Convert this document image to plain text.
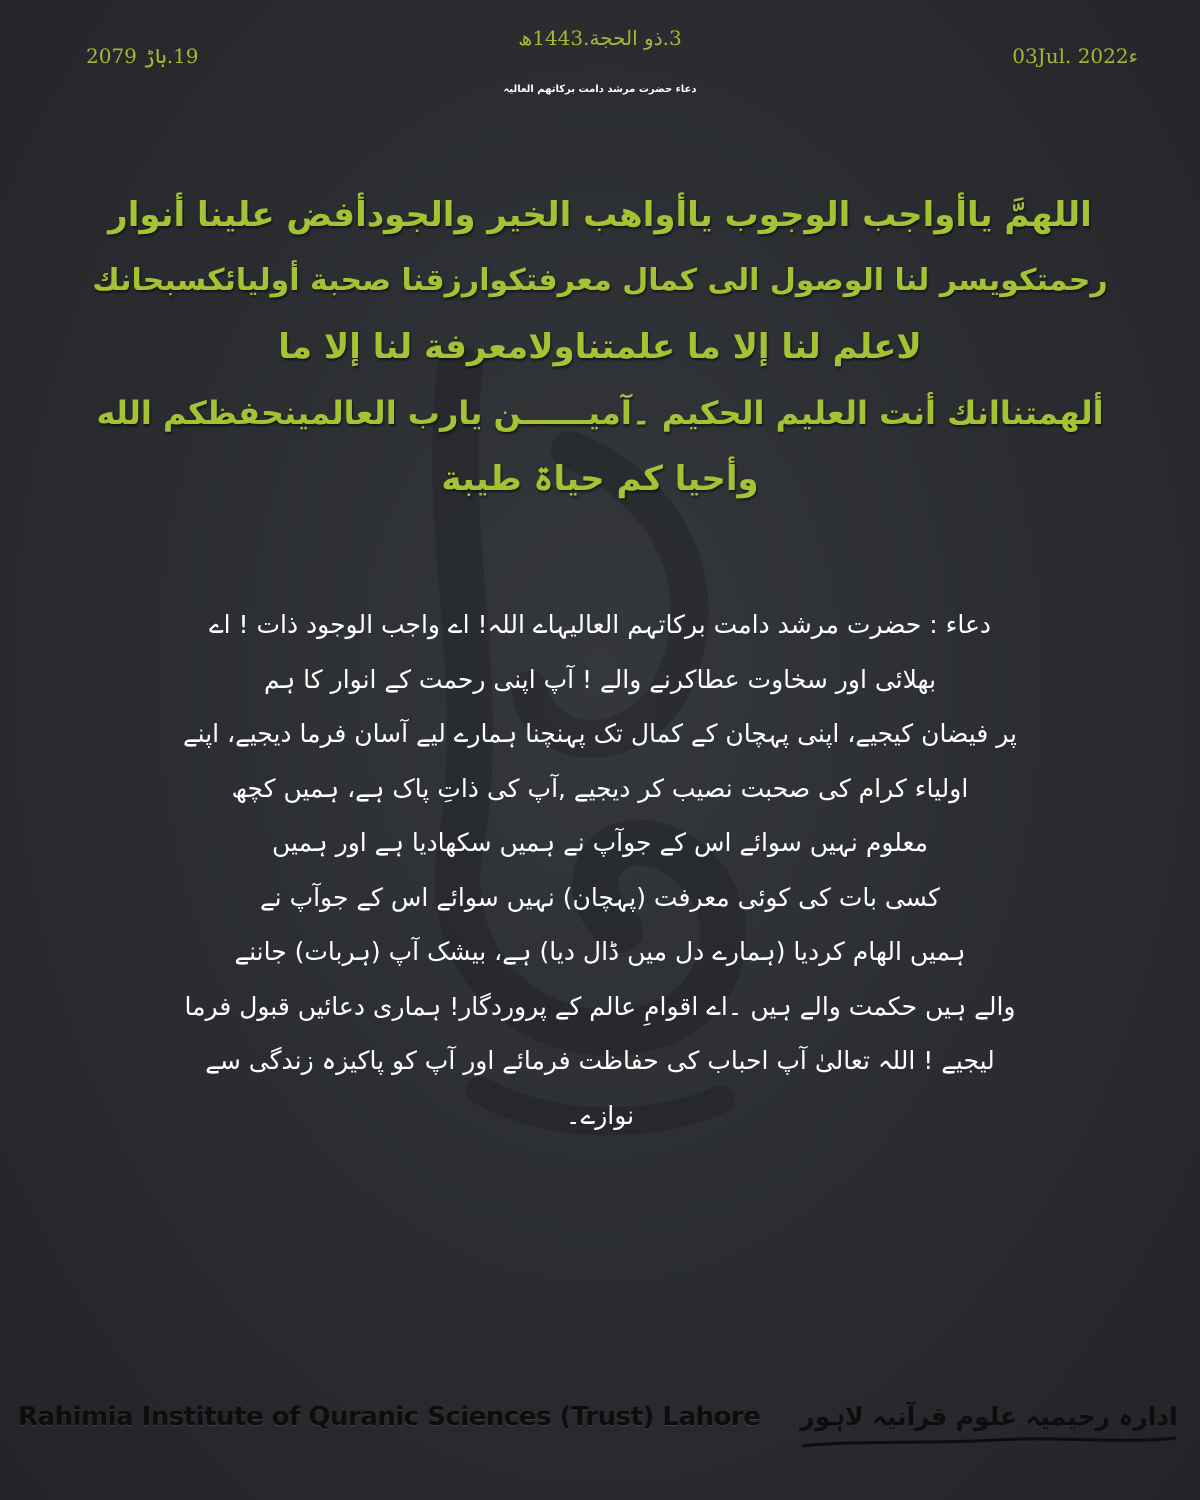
03Jul. 2022ء
19.ہاڑ 2079
3.ذو الحجة.1443ھ
دعاء حضرت مرشد دامت برکاتھم العالیہ
اللهمَّ یاأواجب الوجوب یاأواھب الخیر والجودأفض علینا أنوار
رحمتکویسر لنا الوصول الى کمال معرفتکوارزقنا صحبة أولیائکسبحانك
لاعلم لنا إلا ما علمتناولامعرفة لنا إلا ما
ألهمتناانك أنت العلیم الحکیم ۔آمیــــــن یارب العالمینحفظکم الله
وأحیا کم حیاۃ طیبة
دعاء : حضرت مرشد دامت برکاتہم العالیہاے اللہ! اے واجب الوجود ذات ! اے
بھلائی اور سخاوت عطاکرنے والے ! آپ اپنی رحمت کے انوار کا ہم
پر فیضان کیجیے، اپنی پہچان کے کمال تک پہنچنا ہمارے لیے آسان فرما دیجیے، اپنے
اولیاء کرام کی صحبت نصیب کر دیجیے ,آپ کی ذاتِ پاک ہے، ہمیں کچھ
معلوم نہیں سوائے اس کے جوآپ نے ہمیں سکھادیا ہے اور ہمیں
کسی بات کی کوئی معرفت (پہچان) نہیں سوائے اس کے جوآپ نے
ہمیں الھام کردیا (ہمارے دل میں ڈال دیا) ہے، بیشک آپ (ہربات) جاننے
والے ہیں حکمت والے ہیں ۔اے اقوامِ عالم کے پروردگار! ہماری دعائیں قبول فرما
لیجیے ! اللہ تعالیٰ آپ احباب کی حفاظت فرمائے اور آپ کو پاکیزہ زندگی سے
نوازے۔
Rahimia Institute of Quranic Sciences (Trust) Lahore ادارہ رحیمیہ علوم قرآنیہ لاہور
